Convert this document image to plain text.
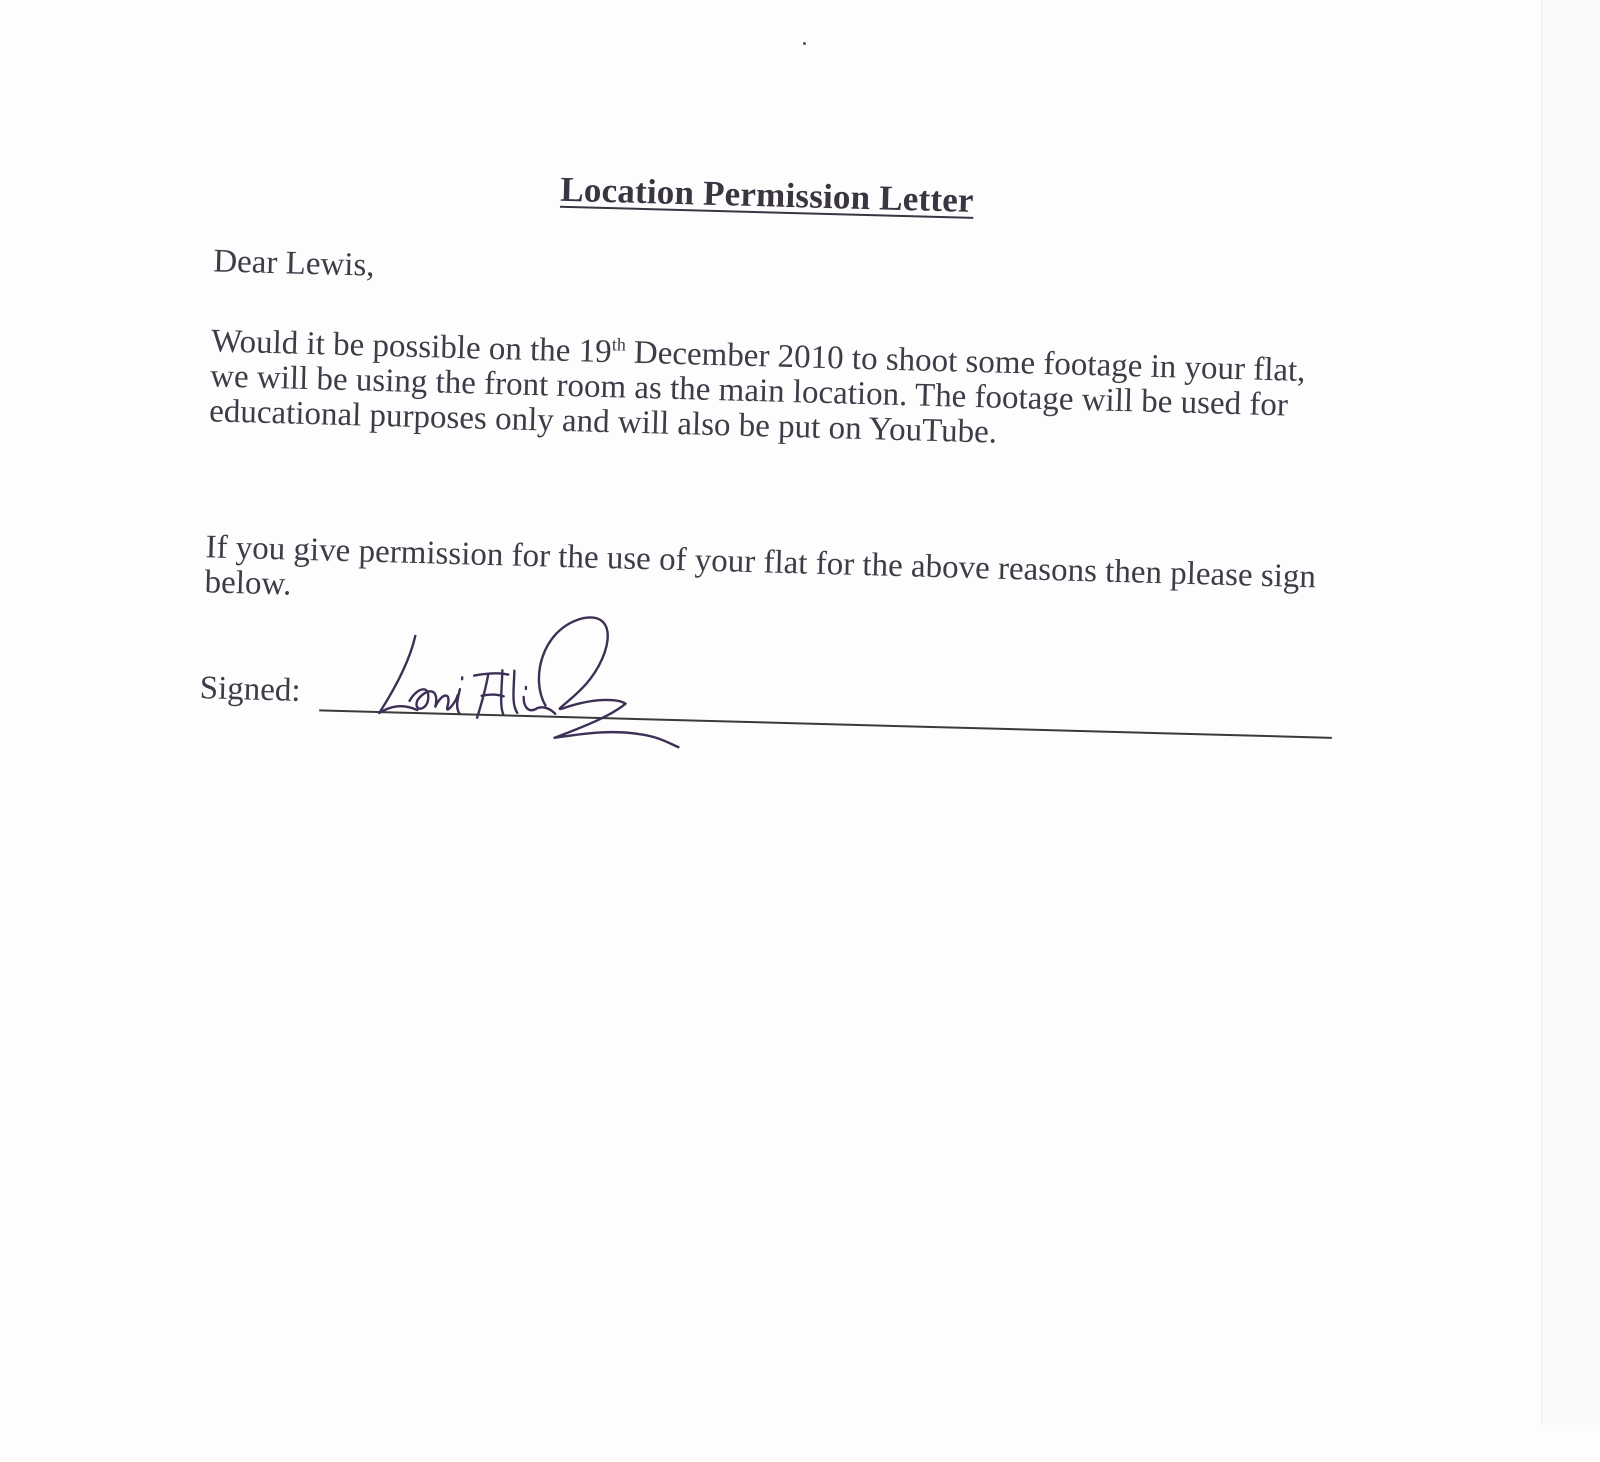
Location Permission Letter
Dear Lewis,
Would it be possible on the 19th December 2010 to shoot some footage in your flat, we will be using the front room as the main location. The footage will be used for educational purposes only and will also be put on YouTube.
If you give permission for the use of your flat for the above reasons then please sign below.
Signed:
